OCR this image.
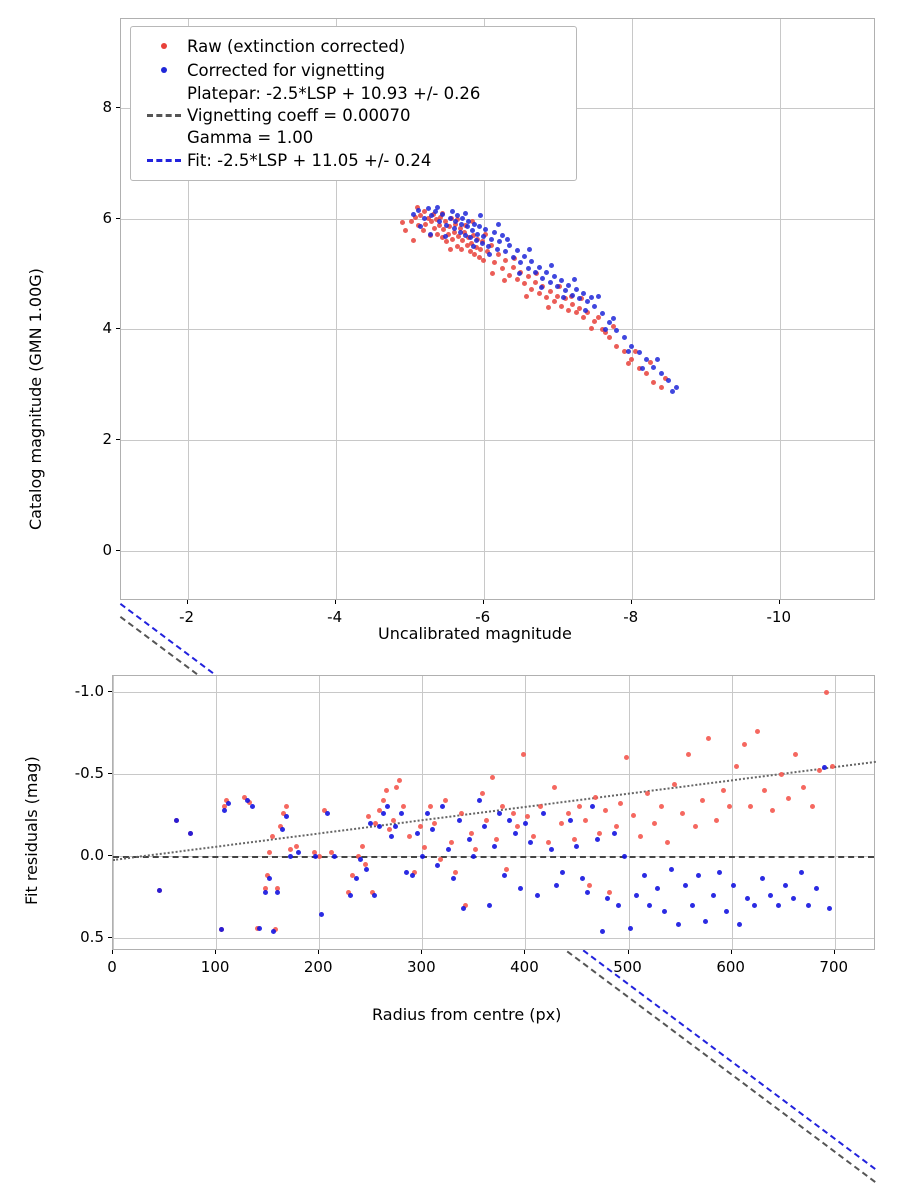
Catalog magnitude (GMN 1.00G)
Uncalibrated magnitude
Raw (extinction corrected)
Corrected for vignetting
Platepar: -2.5*LSP + 10.93 +/- 0.26
Vignetting coeff = 0.00070
Gamma = 1.00
Fit: -2.5*LSP + 11.05 +/- 0.24
-2	-4	-6	-8	-10
0
2
4
6
8
Fit residuals (mag)
Radius from centre (px)
0	100	200	300	400	500	600	700
-1.0
-0.5
0.0
0.5
